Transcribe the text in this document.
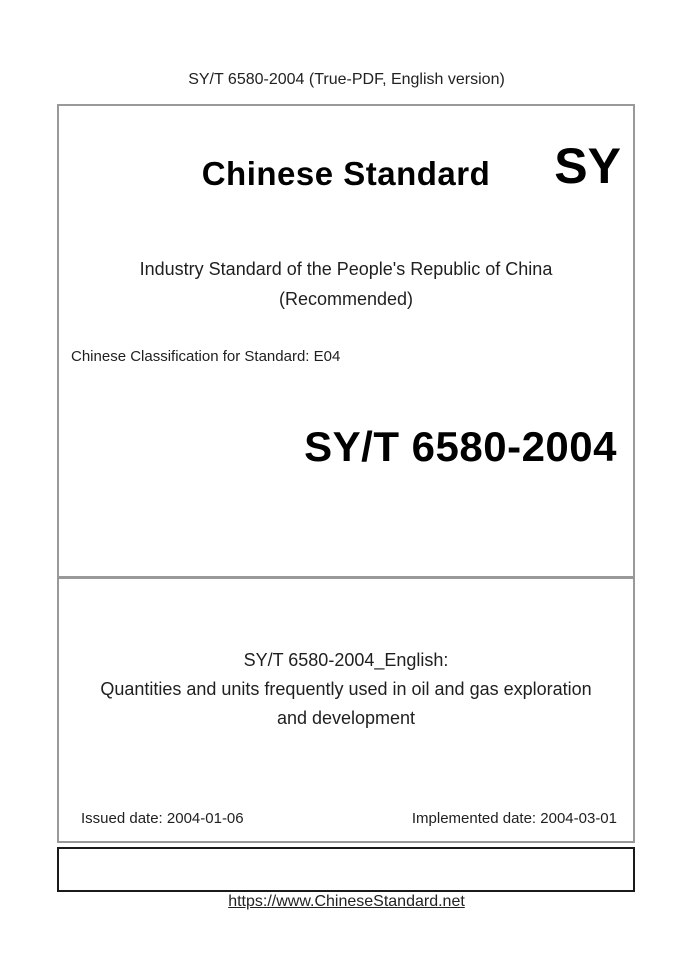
SY/T 6580-2004 (True-PDF, English version)
Chinese Standard	SY
Industry Standard of the People's Republic of China
(Recommended)
Chinese Classification for Standard: E04
SY/T 6580-2004
SY/T 6580-2004_English:
Quantities and units frequently used in oil and gas exploration
and development
Issued date: 2004-01-06	Implemented date: 2004-03-01
https://www.ChineseStandard.net
